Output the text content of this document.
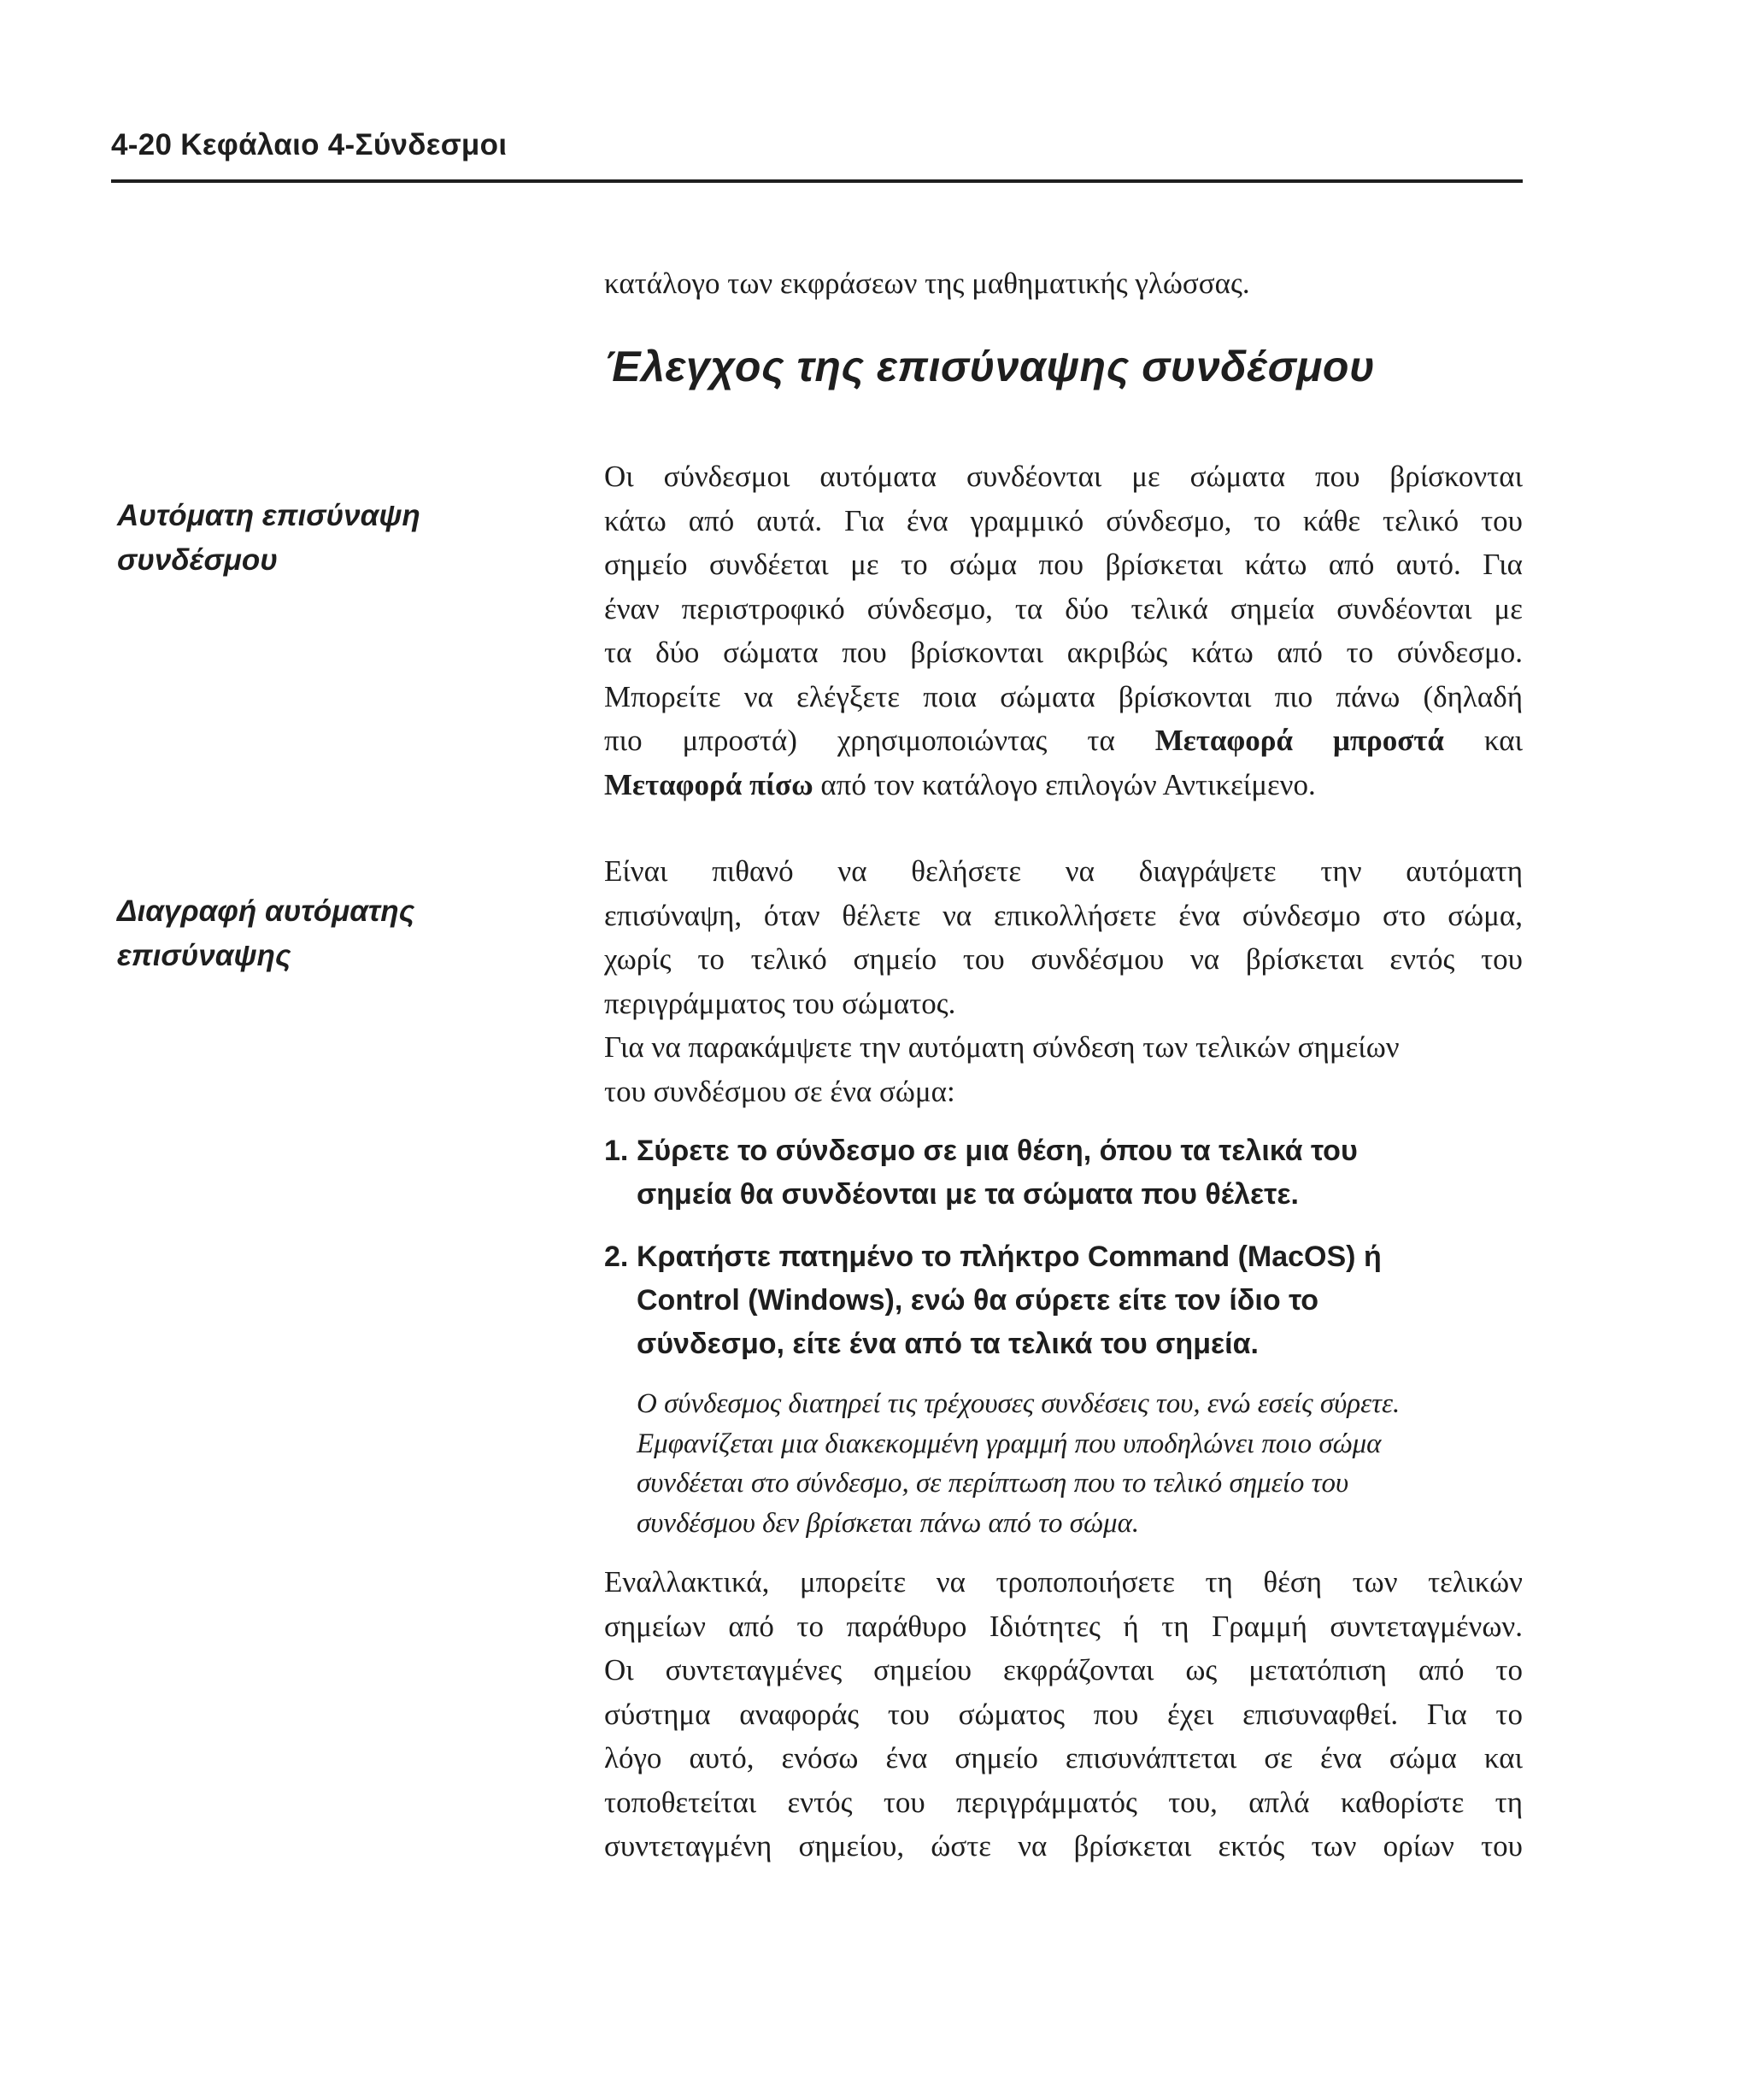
4-20 Κεφάλαιο 4-Σύνδεσμοι
κατάλογο των εκφράσεων της μαθηματικής γλώσσας.
Έλεγχος της επισύναψης συνδέσμου
Αυτόματη επισύναψη
συνδέσμου
Διαγραφή αυτόματης
επισύναψης
Οι σύνδεσμοι αυτόματα συνδέονται με σώματα που βρίσκονται
κάτω από αυτά. Για ένα γραμμικό σύνδεσμο, το κάθε τελικό του
σημείο συνδέεται με το σώμα που βρίσκεται κάτω από αυτό. Για
έναν περιστροφικό σύνδεσμο, τα δύο τελικά σημεία συνδέονται με
τα δύο σώματα που βρίσκονται ακριβώς κάτω από το σύνδεσμο.
Μπορείτε να ελέγξετε ποια σώματα βρίσκονται πιο πάνω (δηλαδή
πιο μπροστά) χρησιμοποιώντας τα Μεταφορά μπροστά και
Μεταφορά πίσω από τον κατάλογο επιλογών Αντικείμενο.
Είναι πιθανό να θελήσετε να διαγράψετε την αυτόματη
επισύναψη, όταν θέλετε να επικολλήσετε ένα σύνδεσμο στο σώμα,
χωρίς το τελικό σημείο του συνδέσμου να βρίσκεται εντός του
περιγράμματος του σώματος.
Για να παρακάμψετε την αυτόματη σύνδεση των τελικών σημείων
του συνδέσμου σε ένα σώμα:
1. Σύρετε το σύνδεσμο σε μια θέση, όπου τα τελικά του
σημεία θα συνδέονται με τα σώματα που θέλετε.
2. Κρατήστε πατημένο το πλήκτρο Command (MacOS) ή
Control (Windows), ενώ θα σύρετε είτε τον ίδιο το
σύνδεσμο, είτε ένα από τα τελικά του σημεία.
Ο σύνδεσμος διατηρεί τις τρέχουσες συνδέσεις του, ενώ εσείς σύρετε.
Εμφανίζεται μια διακεκομμένη γραμμή που υποδηλώνει ποιο σώμα
συνδέεται στο σύνδεσμο, σε περίπτωση που το τελικό σημείο του
συνδέσμου δεν βρίσκεται πάνω από το σώμα.
Εναλλακτικά, μπορείτε να τροποποιήσετε τη θέση των τελικών
σημείων από το παράθυρο Ιδιότητες ή τη Γραμμή συντεταγμένων.
Οι συντεταγμένες σημείου εκφράζονται ως μετατόπιση από το
σύστημα αναφοράς του σώματος που έχει επισυναφθεί. Για το
λόγο αυτό, ενόσω ένα σημείο επισυνάπτεται σε ένα σώμα και
τοποθετείται εντός του περιγράμματός του, απλά καθορίστε τη
συντεταγμένη σημείου, ώστε να βρίσκεται εκτός των ορίων του
